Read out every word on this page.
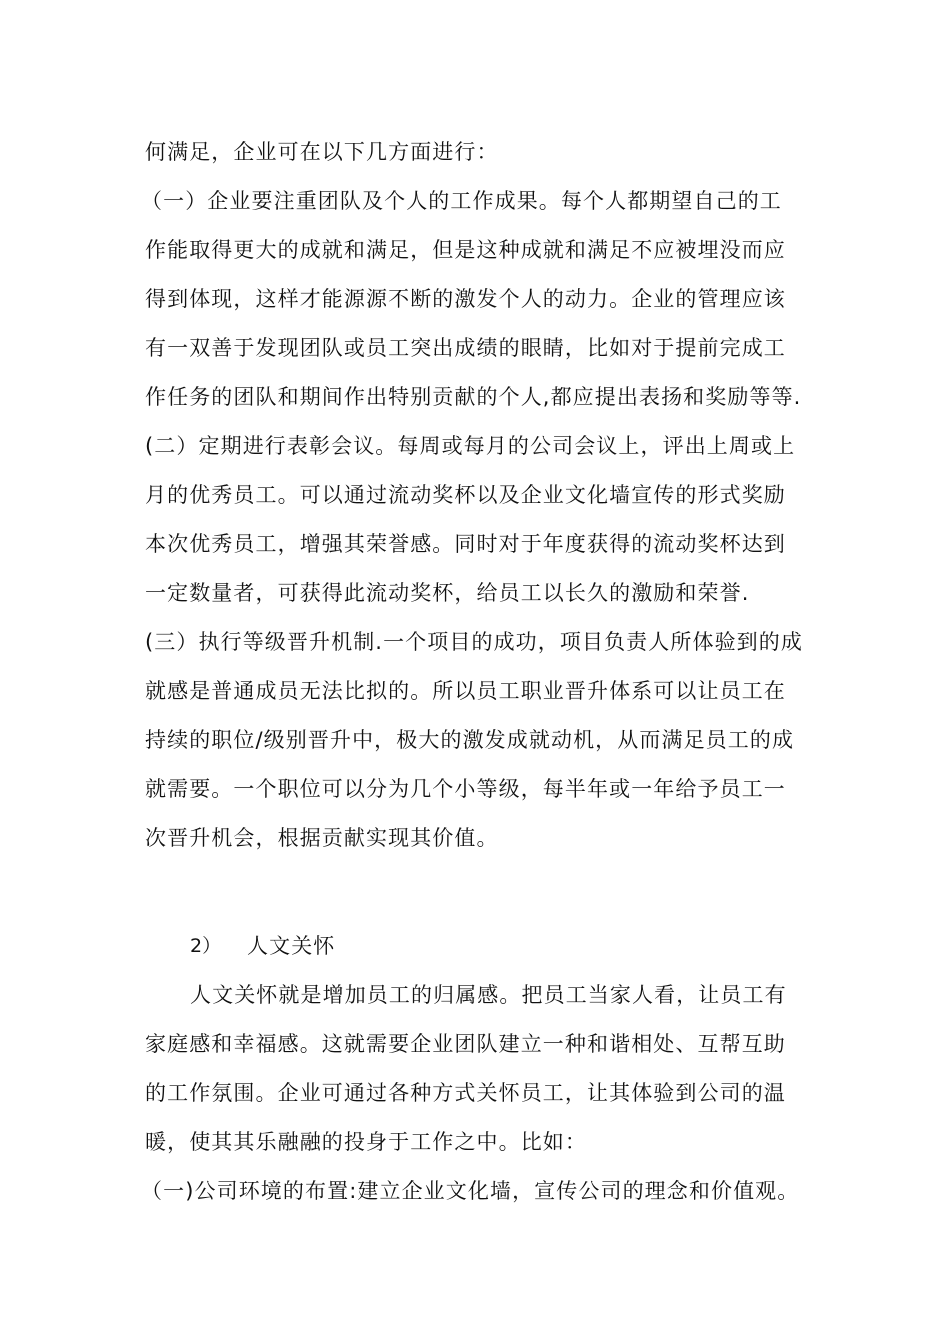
何满足，企业可在以下几方面进行：
（一）企业要注重团队及个人的工作成果。每个人都期望自己的工
作能取得更大的成就和满足，但是这种成就和满足不应被埋没而应
得到体现，这样才能源源不断的激发个人的动力。企业的管理应该
有一双善于发现团队或员工突出成绩的眼睛，比如对于提前完成工
作任务的团队和期间作出特别贡献的个人,都应提出表扬和奖励等等.
(二）定期进行表彰会议。每周或每月的公司会议上，评出上周或上
月的优秀员工。可以通过流动奖杯以及企业文化墙宣传的形式奖励
本次优秀员工，增强其荣誉感。同时对于年度获得的流动奖杯达到
一定数量者，可获得此流动奖杯，给员工以长久的激励和荣誉.
(三）执行等级晋升机制.一个项目的成功，项目负责人所体验到的成
就感是普通成员无法比拟的。所以员工职业晋升体系可以让员工在
持续的职位/级别晋升中，极大的激发成就动机，从而满足员工的成
就需要。一个职位可以分为几个小等级，每半年或一年给予员工一
次晋升机会，根据贡献实现其价值。
2） 人文关怀
人文关怀就是增加员工的归属感。把员工当家人看，让员工有
家庭感和幸福感。这就需要企业团队建立一种和谐相处、互帮互助
的工作氛围。企业可通过各种方式关怀员工，让其体验到公司的温
暖，使其其乐融融的投身于工作之中。比如：
（一)公司环境的布置:建立企业文化墙，宣传公司的理念和价值观。
